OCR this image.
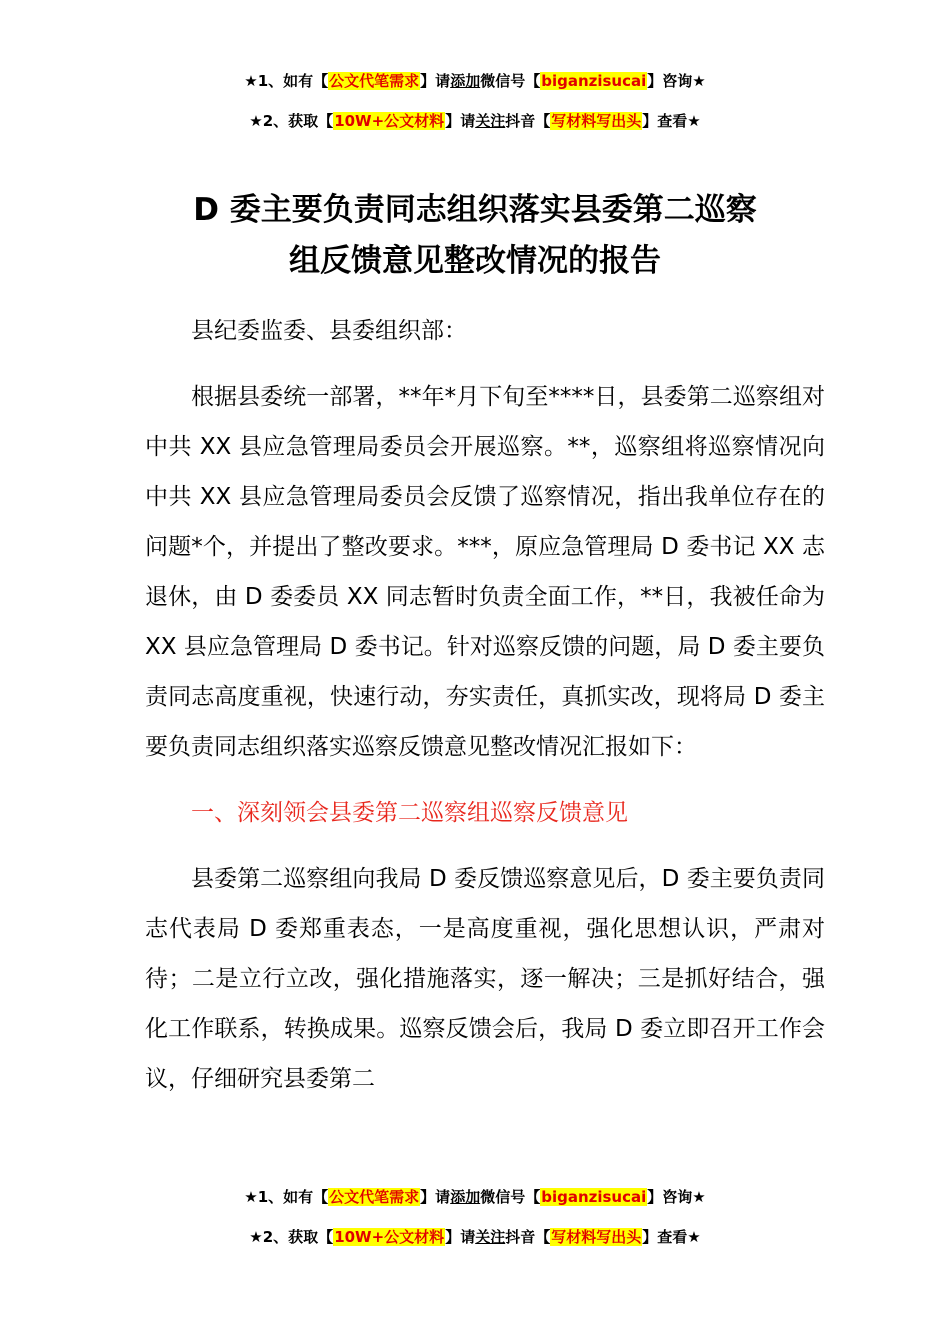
★1、如有【公文代笔需求】请添加微信号【biganzisucai】咨询★
★2、获取【10W+公文材料】请关注抖音【写材料写出头】查看★
D 委主要负责同志组织落实县委第二巡察
组反馈意见整改情况的报告

县纪委监委、县委组织部：

根据县委统一部署，**年*月下旬至****日，县委第二巡察组对中共 XX 县应急管理局委员会开展巡察。**，巡察组将巡察情况向中共 XX 县应急管理局委员会反馈了巡察情况，指出我单位存在的问题*个，并提出了整改要求。***，原应急管理局 D 委书记 XX 志退休，由 D 委委员 XX 同志暂时负责全面工作，**日，我被任命为 XX 县应急管理局 D 委书记。针对巡察反馈的问题，局 D 委主要负责同志高度重视，快速行动，夯实责任，真抓实改，现将局 D 委主要负责同志组织落实巡察反馈意见整改情况汇报如下：

一、深刻领会县委第二巡察组巡察反馈意见

县委第二巡察组向我局 D 委反馈巡察意见后，D 委主要负责同志代表局 D 委郑重表态，一是高度重视，强化思想认识，严肃对待；二是立行立改，强化措施落实，逐一解决；三是抓好结合，强化工作联系，转换成果。巡察反馈会后，我局 D 委立即召开工作会议，仔细研究县委第二

★1、如有【公文代笔需求】请添加微信号【biganzisucai】咨询★
★2、获取【10W+公文材料】请关注抖音【写材料写出头】查看★
